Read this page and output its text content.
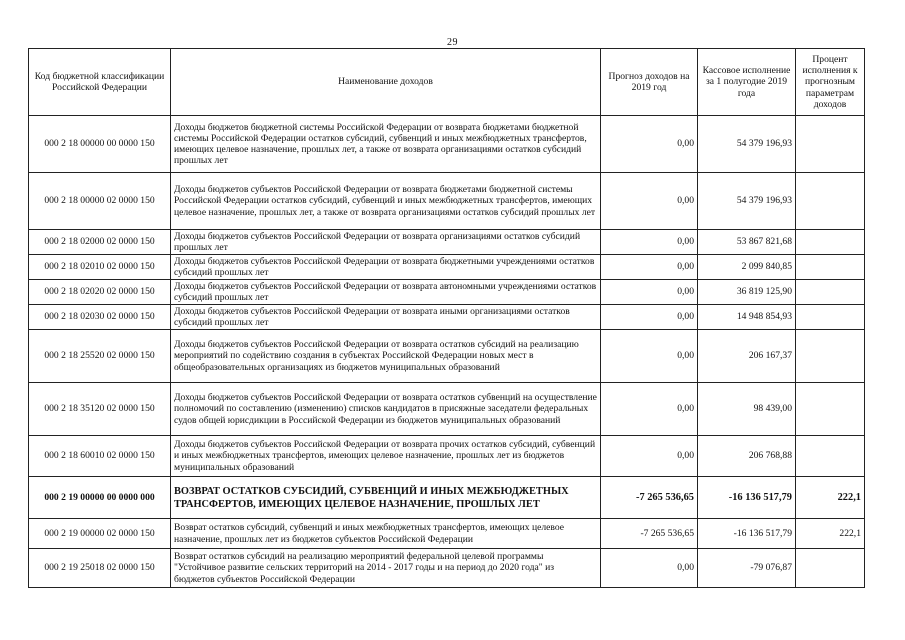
29
Код бюджетной классификации Российской Федерации	Наименование доходов	Прогноз доходов на 2019 год	Кассовое исполнение за 1 полугодие 2019 года	Процент исполнения к прогнозным параметрам доходов
000 2 18 00000 00 0000 150	Доходы бюджетов бюджетной системы Российской Федерации от возврата бюджетами бюджетной системы Российской Федерации остатков субсидий, субвенций и иных межбюджетных трансфертов, имеющих целевое назначение, прошлых лет, а также от возврата организациями остатков субсидий прошлых лет	0,00	54 379 196,93	
000 2 18 00000 02 0000 150	Доходы бюджетов субъектов Российской Федерации от возврата бюджетами бюджетной системы Российской Федерации остатков субсидий, субвенций и иных межбюджетных трансфертов, имеющих целевое назначение, прошлых лет, а также от возврата организациями остатков субсидий прошлых лет	0,00	54 379 196,93	
000 2 18 02000 02 0000 150	Доходы бюджетов субъектов Российской Федерации от возврата организациями остатков субсидий прошлых лет	0,00	53 867 821,68	
000 2 18 02010 02 0000 150	Доходы бюджетов субъектов Российской Федерации от возврата бюджетными учреждениями остатков субсидий прошлых лет	0,00	2 099 840,85	
000 2 18 02020 02 0000 150	Доходы бюджетов субъектов Российской Федерации от возврата автономными учреждениями остатков субсидий прошлых лет	0,00	36 819 125,90	
000 2 18 02030 02 0000 150	Доходы бюджетов субъектов Российской Федерации от возврата иными организациями остатков субсидий прошлых лет	0,00	14 948 854,93	
000 2 18 25520 02 0000 150	Доходы бюджетов субъектов Российской Федерации от возврата остатков субсидий на реализацию мероприятий по содействию создания в субъектах Российской Федерации новых мест в общеобразовательных организациях из бюджетов муниципальных образований	0,00	206 167,37	
000 2 18 35120 02 0000 150	Доходы бюджетов субъектов Российской Федерации от возврата остатков субвенций на осуществление полномочий по составлению (изменению) списков кандидатов в присяжные заседатели федеральных судов общей юрисдикции в Российской Федерации из бюджетов муниципальных образований	0,00	98 439,00	
000 2 18 60010 02 0000 150	Доходы бюджетов субъектов Российской Федерации от возврата прочих остатков субсидий, субвенций и иных межбюджетных трансфертов, имеющих целевое назначение, прошлых лет из бюджетов муниципальных образований	0,00	206 768,88	
000 2 19 00000 00 0000 000	ВОЗВРАТ ОСТАТКОВ СУБСИДИЙ, СУБВЕНЦИЙ И ИНЫХ МЕЖБЮДЖЕТНЫХ ТРАНСФЕРТОВ, ИМЕЮЩИХ ЦЕЛЕВОЕ НАЗНАЧЕНИЕ, ПРОШЛЫХ ЛЕТ	-7 265 536,65	-16 136 517,79	222,1
000 2 19 00000 02 0000 150	Возврат остатков субсидий, субвенций и иных межбюджетных трансфертов, имеющих целевое назначение, прошлых лет из бюджетов субъектов Российской Федерации	-7 265 536,65	-16 136 517,79	222,1
000 2 19 25018 02 0000 150	Возврат остатков субсидий на реализацию мероприятий федеральной целевой программы "Устойчивое развитие сельских территорий на 2014 - 2017 годы и на период до 2020 года" из бюджетов субъектов Российской Федерации	0,00	-79 076,87	
